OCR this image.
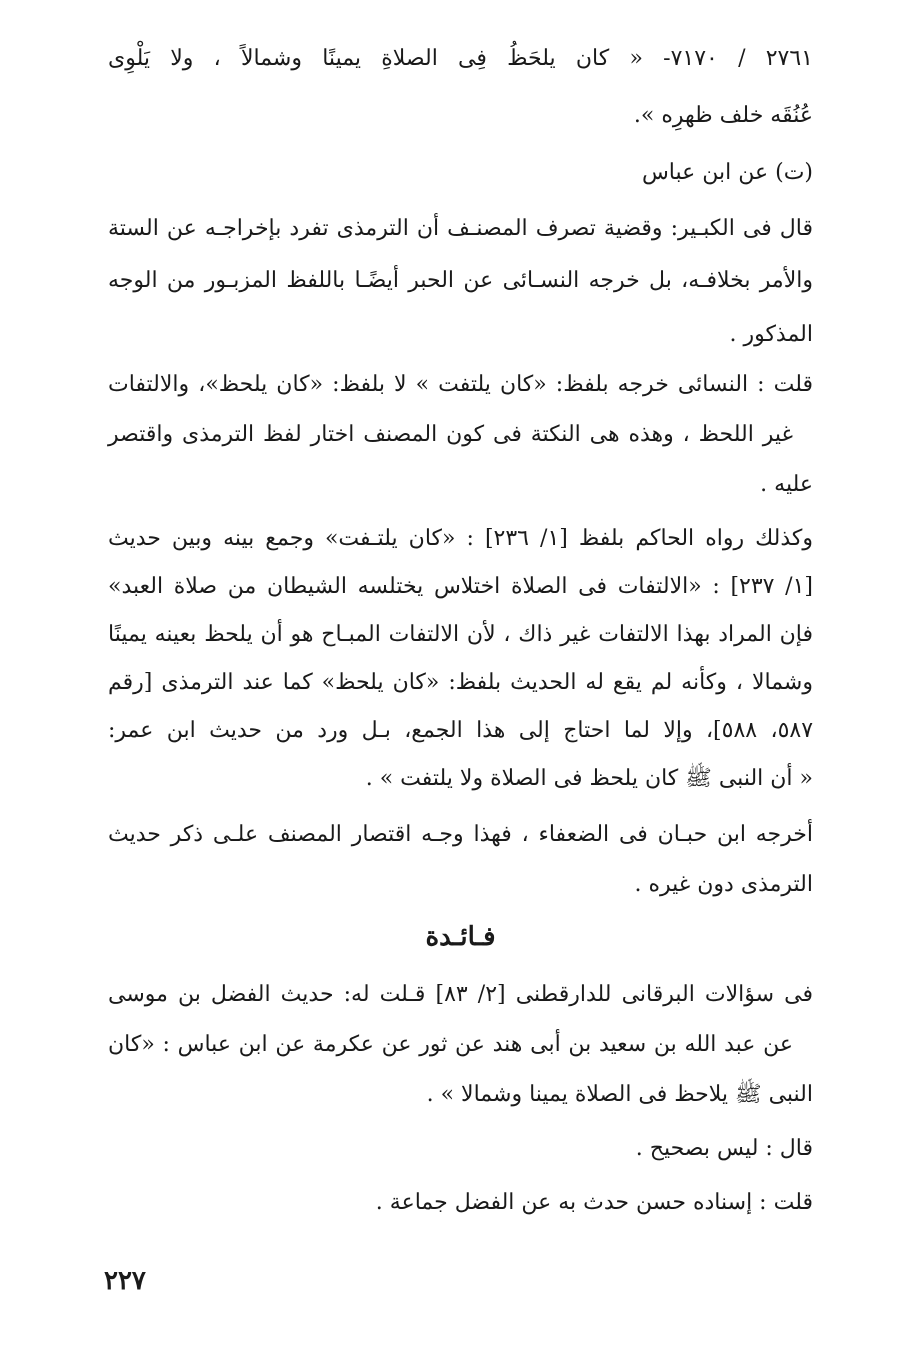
٢٧٦١ / ٧١٧٠- « كان يلحَظُ فِى الصلاةِ يمينًا وشمالاً ، ولا يَلْوِى
عُنُقَه خلف ظهرِه ».
(ت) عن ابن عباس
قال فى الكبـير: وقضية تصرف المصنـف أن الترمذى تفرد بإخراجـه عن الستة
والأمر بخلافـه، بل خرجه النسـائى عن الحبر أيضًـا باللفظ المزبـور من الوجه
المذكور .
قلت : النسائى خرجه بلفظ: «كان يلتفت » لا بلفظ: «كان يلحظ»، والالتفات
غير اللحظ ، وهذه هى النكتة فى كون المصنف اختار لفظ الترمذى واقتصر
عليه .
وكذلك رواه الحاكم بلفظ [١/ ٢٣٦] : «كان يلتـفت» وجمع بينه وبين حديث
[١/ ٢٣٧] : «الالتفات فى الصلاة اختلاس يختلسه الشيطان من صلاة العبد»
فإن المراد بهذا الالتفات غير ذاك ، لأن الالتفات المبـاح هو أن يلحظ بعينه يمينًا
وشمالا ، وكأنه لم يقع له الحديث بلفظ: «كان يلحظ» كما عند الترمذى [رقم
٥٨٧، ٥٨٨]، وإلا لما احتاج إلى هذا الجمع، بـل ورد من حديث ابن عمر:
« أن النبى ﷺ كان يلحظ فى الصلاة ولا يلتفت » .
أخرجه ابن حبـان فى الضعفاء ، فهذا وجـه اقتصار المصنف علـى ذكر حديث
الترمذى دون غيره .
فـائـدة
فى سؤالات البرقانى للدارقطنى [٢/ ٨٣] قـلت له: حديث الفضل بن موسى
عن عبد الله بن سعيد بن أبى هند عن ثور عن عكرمة عن ابن عباس : «كان
النبى ﷺ يلاحظ فى الصلاة يمينا وشمالا » .
قال : ليس بصحيح .
قلت : إسناده حسن حدث به عن الفضل جماعة .
٢٢٧
